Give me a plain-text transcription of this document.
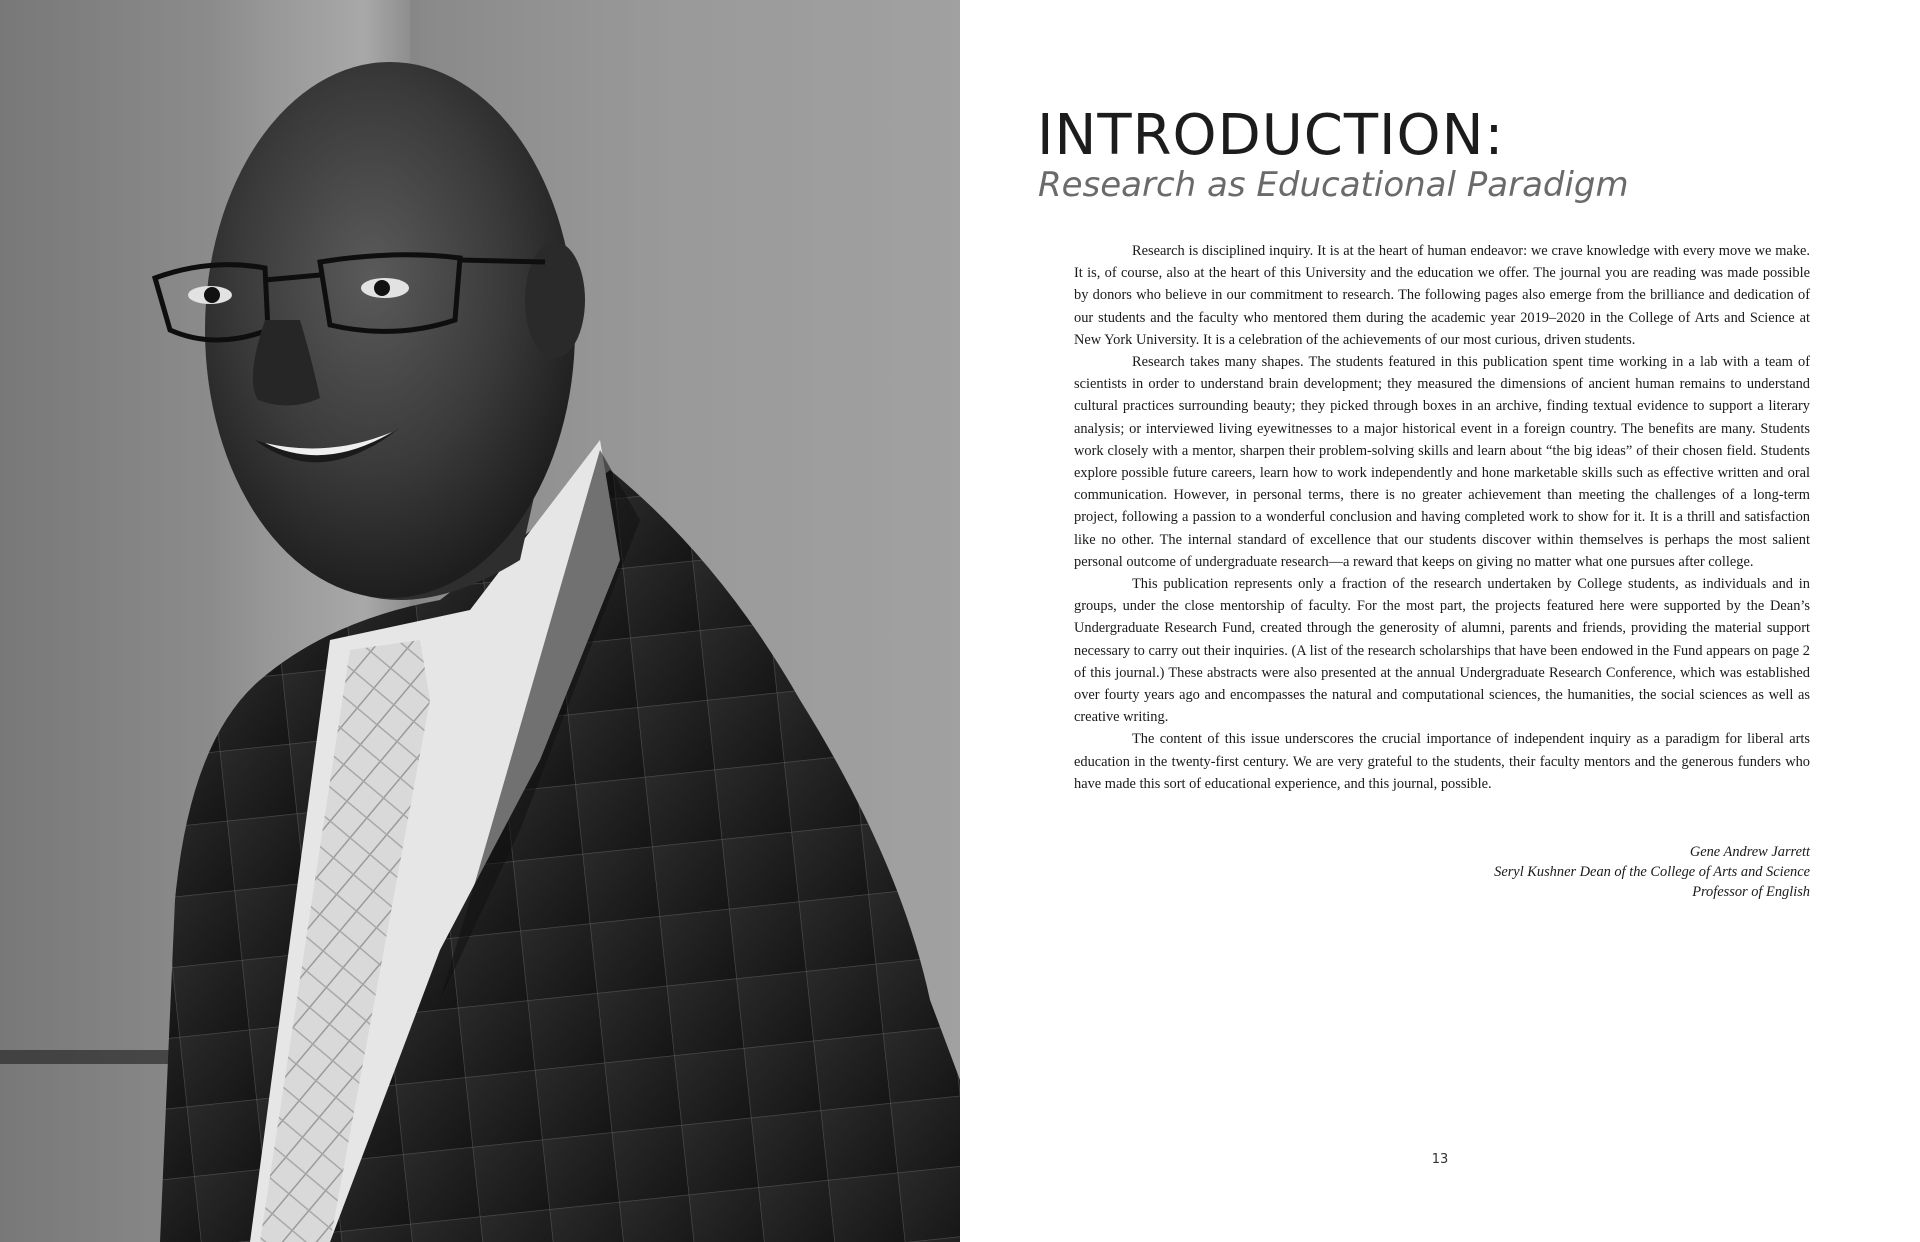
INTRODUCTION:
Research as Educational Paradigm

Research is disciplined inquiry. It is at the heart of human endeavor: we crave knowledge with every move we make. It is, of course, also at the heart of this University and the education we offer. The journal you are reading was made possible by donors who believe in our commitment to research. The following pages also emerge from the brilliance and dedication of our students and the faculty who mentored them during the academic year 2019–2020 in the College of Arts and Science at New York University. It is a celebration of the achievements of our most curious, driven students.

Research takes many shapes. The students featured in this publication spent time working in a lab with a team of scientists in order to understand brain development; they measured the dimensions of ancient human remains to understand cultural practices surrounding beauty; they picked through boxes in an archive, finding textual evidence to support a literary analysis; or interviewed living eyewitnesses to a major historical event in a foreign country. The benefits are many. Students work closely with a mentor, sharpen their problem-solving skills and learn about “the big ideas” of their chosen field. Students explore possible future careers, learn how to work independently and hone marketable skills such as effective written and oral communication. However, in personal terms, there is no greater achievement than meeting the challenges of a long-term project, following a passion to a wonderful conclusion and having completed work to show for it. It is a thrill and satisfaction like no other. The internal standard of excellence that our students discover within themselves is perhaps the most salient personal outcome of undergraduate research—a reward that keeps on giving no matter what one pursues after college.

This publication represents only a fraction of the research undertaken by College students, as individuals and in groups, under the close mentorship of faculty. For the most part, the projects featured here were supported by the Dean’s Undergraduate Research Fund, created through the generosity of alumni, parents and friends, providing the material support necessary to carry out their inquiries. (A list of the research scholarships that have been endowed in the Fund appears on page 2 of this journal.) These abstracts were also presented at the annual Undergraduate Research Conference, which was established over fourty years ago and encompasses the natural and computational sciences, the humanities, the social sciences as well as creative writing.

The content of this issue underscores the crucial importance of independent inquiry as a paradigm for liberal arts education in the twenty-first century. We are very grateful to the students, their faculty mentors and the generous funders who have made this sort of educational experience, and this journal, possible.

Gene Andrew Jarrett
Seryl Kushner Dean of the College of Arts and Science
Professor of English
13
